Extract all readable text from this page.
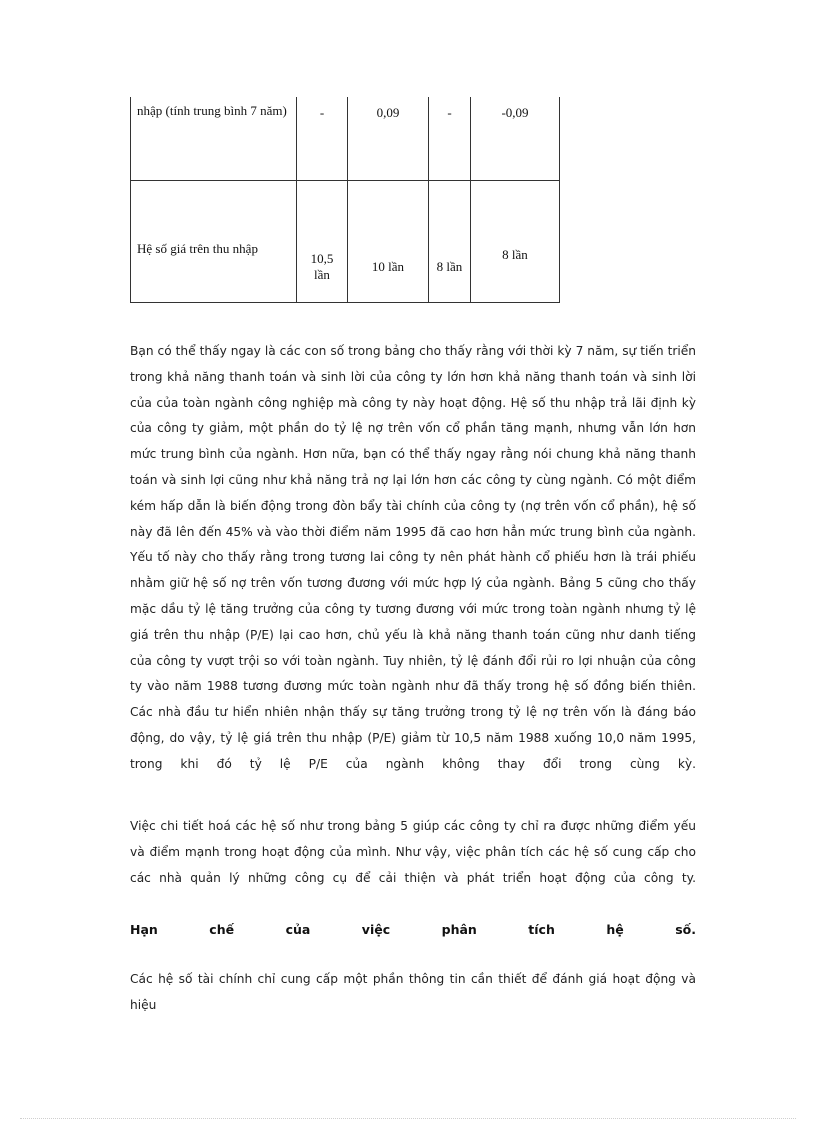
nhập (tính trung bình 7 năm)	-	0,09	-	-0,09

Hệ số giá trên thu nhập	10,5 lần	10 lần	8 lần	8 lần

Bạn có thể thấy ngay là các con số trong bảng cho thấy rằng với thời kỳ 7 năm, sự tiến triển trong khả năng thanh toán và sinh lời của công ty lớn hơn khả năng thanh toán và sinh lời của của toàn ngành công nghiệp mà công ty này hoạt động. Hệ số thu nhập trả lãi định kỳ của công ty giảm, một phần do tỷ lệ nợ trên vốn cổ phần tăng mạnh, nhưng vẫn lớn hơn mức trung bình của ngành. Hơn nữa, bạn có thể thấy ngay rằng nói chung khả năng thanh toán và sinh lợi cũng như khả năng trả nợ lại lớn hơn các công ty cùng ngành. Có một điểm kém hấp dẫn là biến động trong đòn bẩy tài chính của công ty (nợ trên vốn cổ phần), hệ số này đã lên đến 45% và vào thời điểm năm 1995 đã cao hơn hẳn mức trung bình của ngành. Yếu tố này cho thấy rằng trong tương lai công ty nên phát hành cổ phiếu hơn là trái phiếu nhằm giữ hệ số nợ trên vốn tương đương với mức hợp lý của ngành. Bảng 5 cũng cho thấy mặc dầu tỷ lệ tăng trưởng của công ty tương đương với mức trong toàn ngành nhưng tỷ lệ giá trên thu nhập (P/E) lại cao hơn, chủ yếu là khả năng thanh toán cũng như danh tiếng của công ty vượt trội so với toàn ngành. Tuy nhiên, tỷ lệ đánh đổi rủi ro lợi nhuận của công ty vào năm 1988 tương đương mức toàn ngành như đã thấy trong hệ số đồng biến thiên. Các nhà đầu tư hiển nhiên nhận thấy sự tăng trưởng trong tỷ lệ nợ trên vốn là đáng báo động, do vậy, tỷ lệ giá trên thu nhập (P/E) giảm từ 10,5 năm 1988 xuống 10,0 năm 1995, trong khi đó tỷ lệ P/E của ngành không thay đổi trong cùng kỳ.

Việc chi tiết hoá các hệ số như trong bảng 5 giúp các công ty chỉ ra được những điểm yếu và điểm mạnh trong hoạt động của mình. Như vậy, việc phân tích các hệ số cung cấp cho các nhà quản lý những công cụ để cải thiện và phát triển hoạt động của công ty.

Hạn chế của việc phân tích hệ số.

Các hệ số tài chính chỉ cung cấp một phần thông tin cần thiết để đánh giá hoạt động và hiệu
